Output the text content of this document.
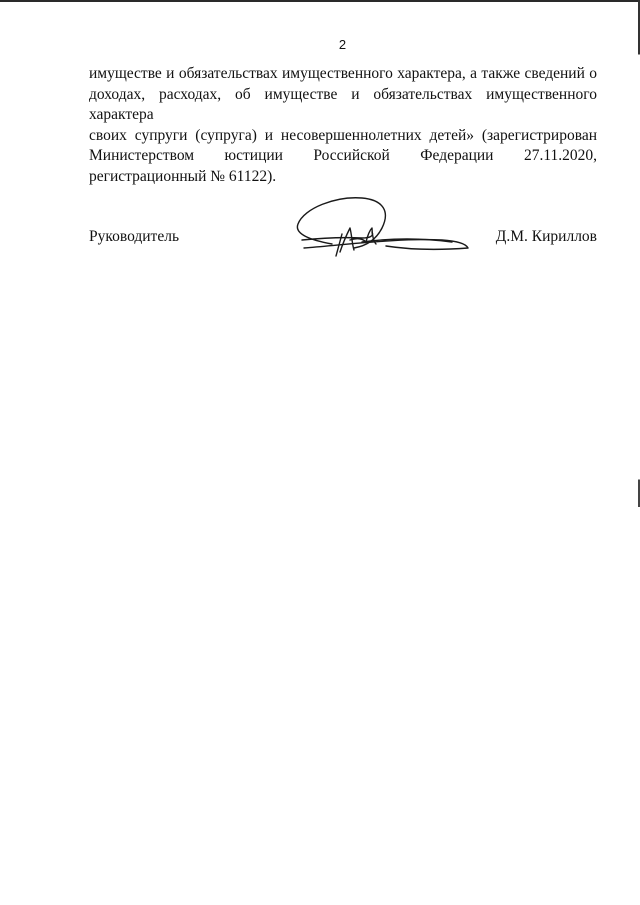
2
имуществе и обязательствах имущественного характера, а также сведений о
доходах, расходах, об имуществе и обязательствах имущественного характера
своих супруги (супруга) и несовершеннолетних детей» (зарегистрирован
Министерством юстиции Российской Федерации 27.11.2020,
регистрационный № 61122).
Руководитель	Д.М. Кириллов
